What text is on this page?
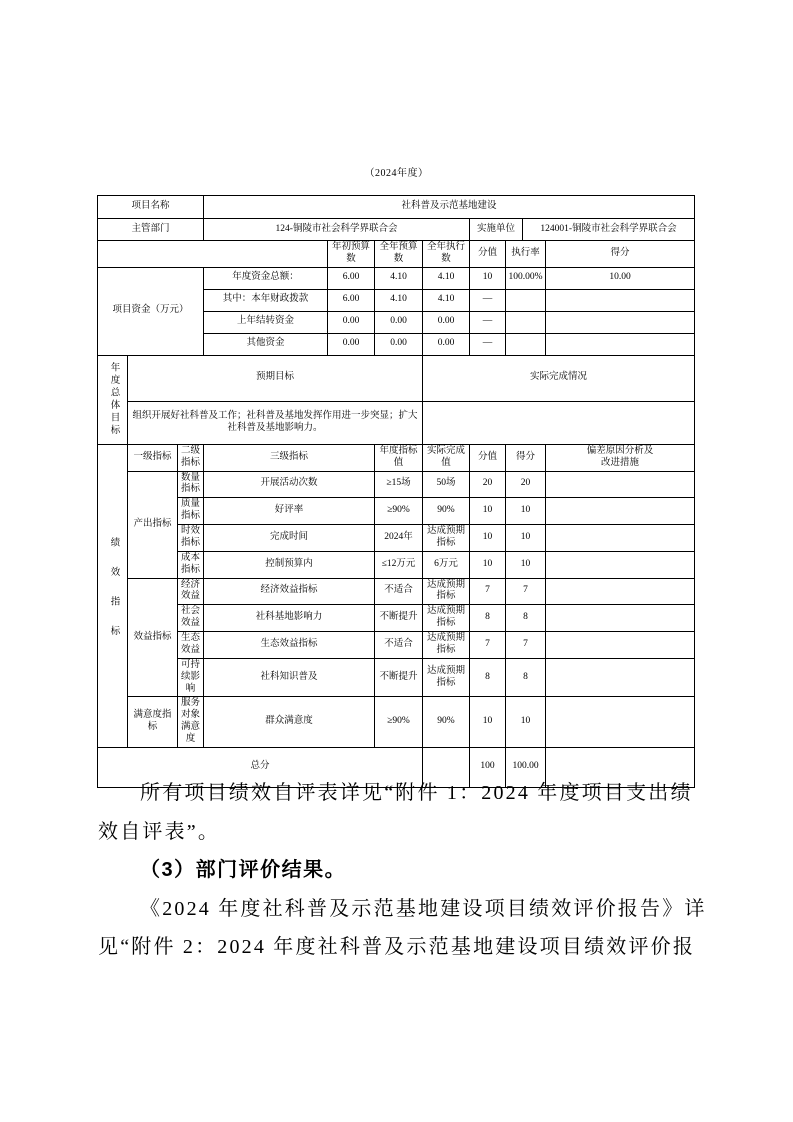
（2024年度）
项目名称	社科普及示范基地建设							
主管部门	124-铜陵市社会科学界联合会				实施单位		124001-铜陵市社会科学界联合会	
		年初预算数	全年预算数	全年执行数	分值	执行率		得分
项目资金（万元）	年度资金总额：	6.00	4.10	4.10	10	100.00%		10.00
	其中：本年财政拨款	6.00	4.10	4.10	—			
	上年结转资金	0.00	0.00	0.00	—			
	其他资金	0.00	0.00	0.00	—			
年度总体目标	预期目标	实际完成情况
	组织开展好社科普及工作；社科普及基地发挥作用进一步突显；扩大社科普及基地影响力。	
绩效指标	一级指标	二级指标	三级指标	年度指标值	实际完成值	分值	得分	偏差原因分析及改进措施
	产出指标	数量指标	开展活动次数	≥15场	50场	20	20	
		质量指标	好评率	≥90%	90%	10	10	
		时效指标	完成时间	2024年	达成预期指标	10	10	
		成本指标	控制预算内	≤12万元	6万元	10	10	
	效益指标	经济效益	经济效益指标	不适合	达成预期指标	7	7	
		社会效益	社科基地影响力	不断提升	达成预期指标	8	8	
		生态效益	生态效益指标	不适合	达成预期指标	7	7	
		可持续影响	社科知识普及	不断提升	达成预期指标	8	8	
	满意度指标	服务对象满意度	群众满意度	≥90%	90%	10	10	
总分						100	100.00	
所有项目绩效自评表详见“附件 1：2024 年度项目支出绩
效自评表”。
（3）部门评价结果。
《2024 年度社科普及示范基地建设项目绩效评价报告》详
见“附件 2：2024 年度社科普及示范基地建设项目绩效评价报
